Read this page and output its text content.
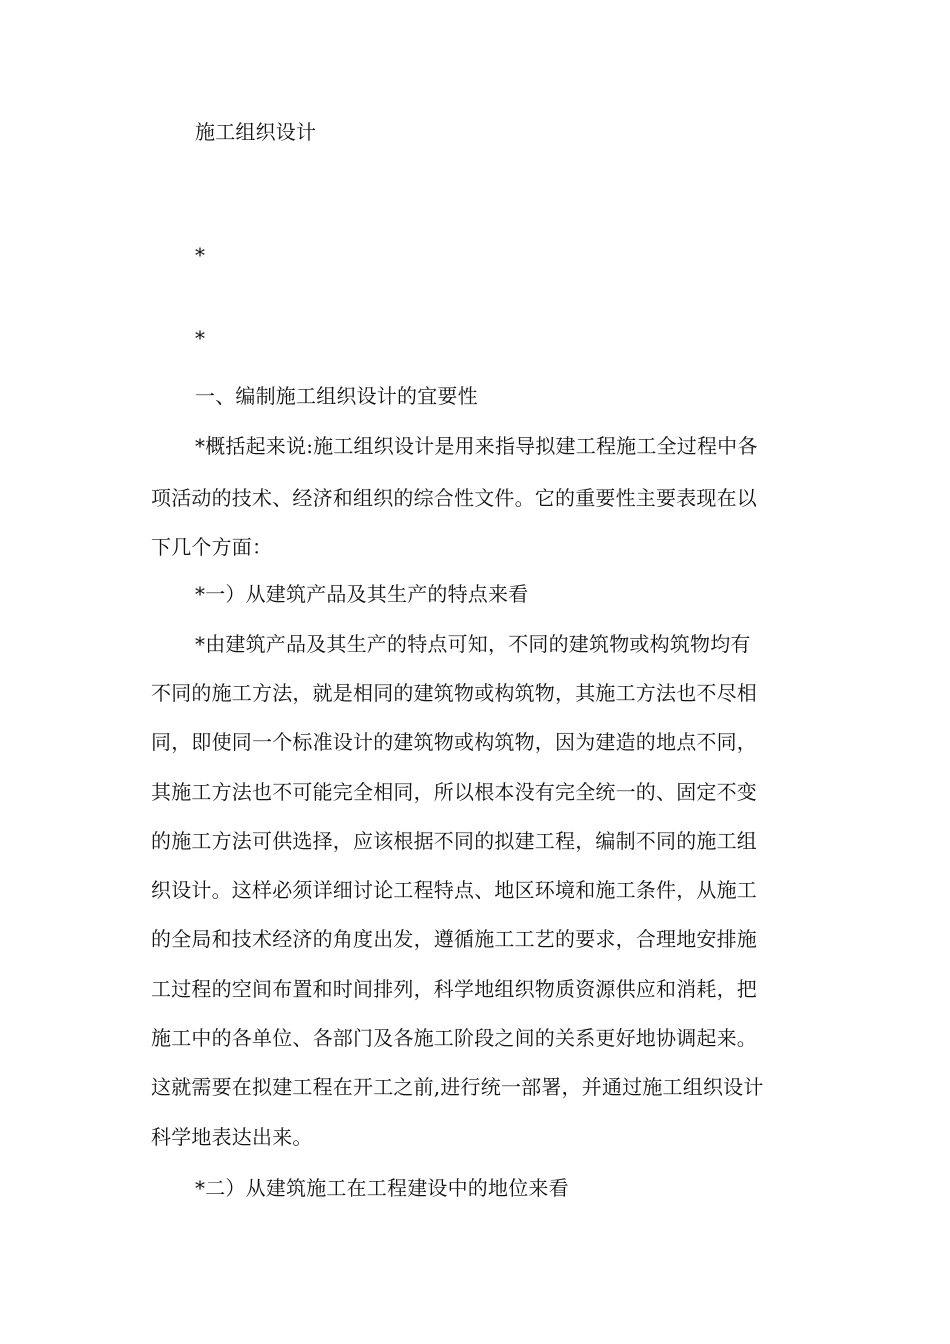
施工组织设计

*

*

一、编制施工组织设计的宜要性

*概括起来说:施工组织设计是用来指导拟建工程施工全过程中各

项活动的技术、经济和组织的综合性文件。它的重要性主要表现在以

下几个方面：

*一）从建筑产品及其生产的特点来看

*由建筑产品及其生产的特点可知，不同的建筑物或构筑物均有

不同的施工方法，就是相同的建筑物或构筑物，其施工方法也不尽相

同，即使同一个标准设计的建筑物或构筑物，因为建造的地点不同，

其施工方法也不可能完全相同，所以根本没有完全统一的、固定不变

的施工方法可供选择，应该根据不同的拟建工程，编制不同的施工组

织设计。这样必须详细讨论工程特点、地区环境和施工条件，从施工

的全局和技术经济的角度出发，遵循施工工艺的要求，合理地安排施

工过程的空间布置和时间排列，科学地组织物质资源供应和消耗，把

施工中的各单位、各部门及各施工阶段之间的关系更好地协调起来。

这就需要在拟建工程在开工之前,进行统一部署，并通过施工组织设计

科学地表达出来。

*二）从建筑施工在工程建设中的地位来看
